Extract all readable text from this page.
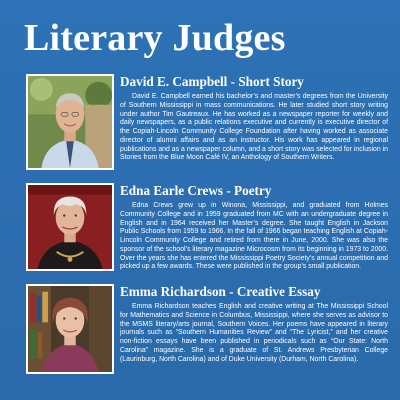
Literary Judges
David E. Campbell - Short Story

David E. Campbell earned his bachelor’s and master’s degrees from the University of Southern Mississippi in mass communications. He later studied short story writing under author Tim Gautreaux. He has worked as a newspaper reporter for weekly and daily newspapers, as a public relations executive and currently is executive director of the Copiah-Lincoln Community College Foundation after having worked as associate director of alumni affairs and as an instructor. His work has appeared in regional publications and as a newspaper column, and a short story was selected for inclusion in Stories from the Blue Moon Café IV, an Anthology of Southern Writers.

Edna Earle Crews - Poetry

Edna Crews grew up in Winona, Mississippi, and graduated from Holmes Community College and in 1959 graduated from MC with an undergraduate degree in English and in 1964 received her Master’s degree. She taught English in Jackson Public Schools from 1959 to 1966. In the fall of 1966 began teaching English at Copiah-Lincoln Community College and retired from there in June, 2000. She was also the sponsor of the school’s literary magazine Microcosm from its beginning in 1973 to 2000. Over the years she has entered the Mississippi Poetry Society’s annual competition and picked up a few awards. These were published in the group’s small publication.

Emma Richardson - Creative Essay

Emma Richardson teaches English and creative writing at The Mississippi School for Mathematics and Science in Columbus, Mississippi, where she serves as advisor to the MSMS literary/arts journal, Southern Voices. Her poems have appeared in literary journals such as “Southern Humanities Review” and “The Lyricist,” and her creative non-fiction essays have been published in periodicals such as “Our State: North Carolina” magazine. She is a graduate of St. Andrews Presbyterian College (Laurinburg, North Carolina) and of Duke University (Durham, North Carolina).
